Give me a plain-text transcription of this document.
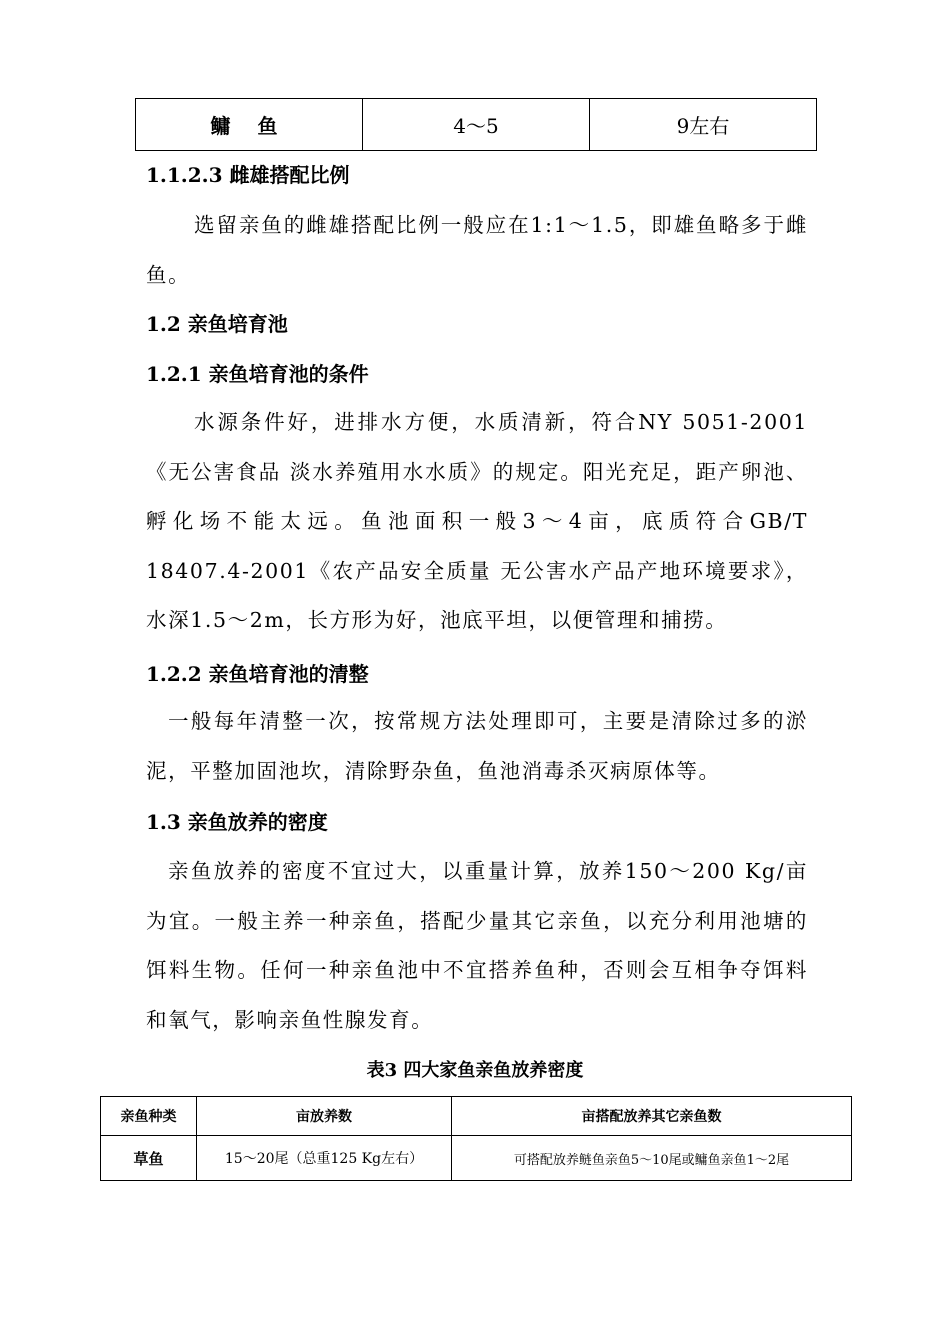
鳙 鱼	4～5	9左右
1.1.2.3 雌雄搭配比例

选留亲鱼的雌雄搭配比例一般应在1:1～1.5，即雄鱼略多于雌鱼。

1.2 亲鱼培育池
1.2.1 亲鱼培育池的条件

水源条件好，进排水方便，水质清新，符合NY 5051-2001《无公害食品 淡水养殖用水水质》的规定。阳光充足，距产卵池、孵化场不能太远。鱼池面积一般3～4亩，底质符合GB/T 18407.4-2001《农产品安全质量 无公害水产品产地环境要求》，水深1.5～2m，长方形为好，池底平坦，以便管理和捕捞。

1.2.2 亲鱼培育池的清整

一般每年清整一次，按常规方法处理即可，主要是清除过多的淤泥，平整加固池坎，清除野杂鱼，鱼池消毒杀灭病原体等。

1.3 亲鱼放养的密度

亲鱼放养的密度不宜过大，以重量计算，放养150～200 Kg/亩为宜。一般主养一种亲鱼，搭配少量其它亲鱼，以充分利用池塘的饵料生物。任何一种亲鱼池中不宜搭养鱼种，否则会互相争夺饵料和氧气，影响亲鱼性腺发育。

表3 四大家鱼亲鱼放养密度

亲鱼种类	亩放养数	亩搭配放养其它亲鱼数
草鱼	15～20尾（总重125 Kg左右）	可搭配放养鲢鱼亲鱼5～10尾或鳙鱼亲鱼1～2尾
